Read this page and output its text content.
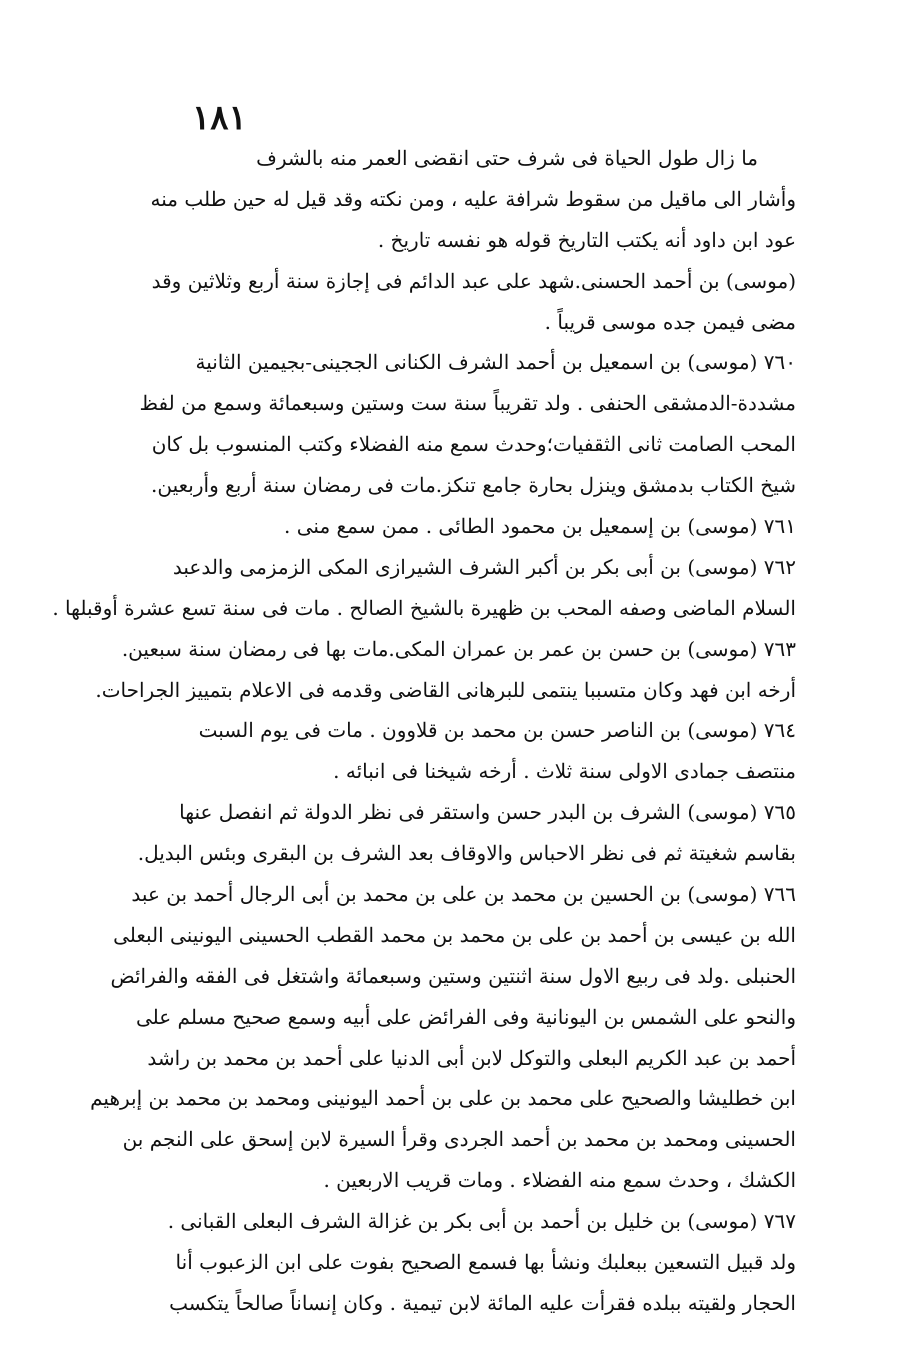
١٨١
ما زال طول الحياة فى شرف حتى انقضى العمر منه بالشرف
وأشار الى ماقيل من سقوط شرافة عليه ، ومن نكته وقد قيل له حين طلب منه
عود ابن داود أنه يكتب التاريخ قوله هو نفسه تاريخ .
(موسى) بن أحمد الحسنى.شهد على عبد الدائم فى إجازة سنة أربع وثلاثين وقد
مضى فيمن جده موسى قريباً .
٧٦٠ (موسى) بن اسمعيل بن أحمد الشرف الكنانى الججينى-بجيمين الثانية
مشددة-الدمشقى الحنفى . ولد تقريباً سنة ست وستين وسبعمائة وسمع من لفظ
المحب الصامت ثانى الثقفيات؛وحدث سمع منه الفضلاء وكتب المنسوب بل كان
شيخ الكتاب بدمشق وينزل بحارة جامع تنكز.مات فى رمضان سنة أربع وأربعين.
٧٦١ (موسى) بن إسمعيل بن محمود الطائى . ممن سمع منى .
٧٦٢ (موسى) بن أبى بكر بن أكبر الشرف الشيرازى المكى الزمزمى والدعبد
السلام الماضى وصفه المحب بن ظهيرة بالشيخ الصالح . مات فى سنة تسع عشرة أوقبلها .
٧٦٣ (موسى) بن حسن بن عمر بن عمران المكى.مات بها فى رمضان سنة سبعين.
أرخه ابن فهد وكان متسببا ينتمى للبرهانى القاضى وقدمه فى الاعلام بتمييز الجراحات.
٧٦٤ (موسى) بن الناصر حسن بن محمد بن قلاوون . مات فى يوم السبت
منتصف جمادى الاولى سنة ثلاث . أرخه شيخنا فى انبائه .
٧٦٥ (موسى) الشرف بن البدر حسن واستقر فى نظر الدولة ثم انفصل عنها
بقاسم شغيتة ثم فى نظر الاحباس والاوقاف بعد الشرف بن البقرى وبئس البديل.
٧٦٦ (موسى) بن الحسين بن محمد بن على بن محمد بن أبى الرجال أحمد بن عبد
الله بن عيسى بن أحمد بن على بن محمد بن محمد القطب الحسينى اليونينى البعلى
الحنبلى .ولد فى ربيع الاول سنة اثنتين وستين وسبعمائة واشتغل فى الفقه والفرائض
والنحو على الشمس بن اليونانية وفى الفرائض على أبيه وسمع صحيح مسلم على
أحمد بن عبد الكريم البعلى والتوكل لابن أبى الدنيا على أحمد بن محمد بن راشد
ابن خطليشا والصحيح على محمد بن على بن أحمد اليونينى ومحمد بن محمد بن إبرهيم
الحسينى ومحمد بن محمد بن أحمد الجردى وقرأ السيرة لابن إسحق على النجم بن
الكشك ، وحدث سمع منه الفضلاء . ومات قريب الاربعين .
٧٦٧ (موسى) بن خليل بن أحمد بن أبى بكر بن غزالة الشرف البعلى القبانى .
ولد قبيل التسعين ببعلبك ونشأ بها فسمع الصحيح بفوت على ابن الزعبوب أنا
الحجار ولقيته ببلده فقرأت عليه المائة لابن تيمية . وكان إنساناً صالحاً يتكسب
